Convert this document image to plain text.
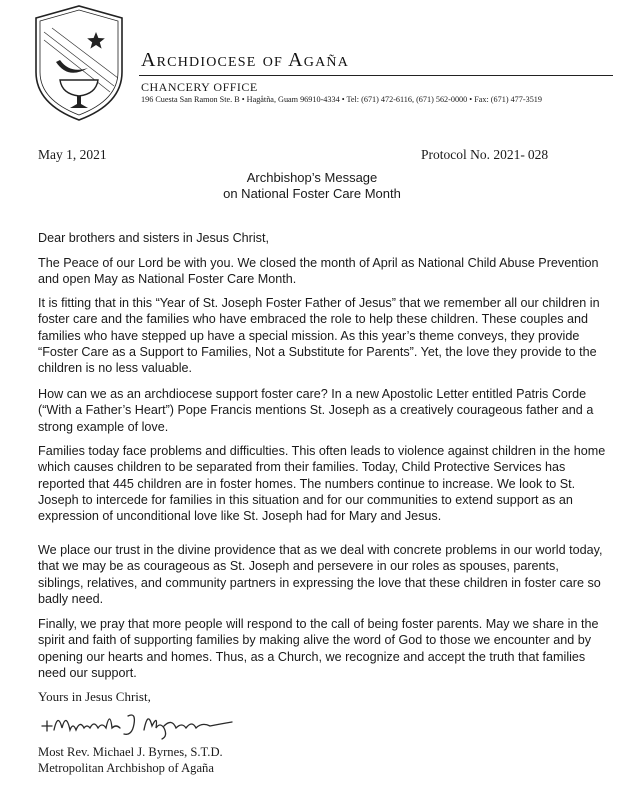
Archdiocese of Agaña
CHANCERY OFFICE
196 Cuesta San Ramon Ste. B • Hagåtña, Guam 96910-4334 • Tel: (671) 472-6116, (671) 562-0000 • Fax: (671) 477-3519
May 1, 2021	Protocol No. 2021- 028
Archbishop’s Message
on National Foster Care Month

Dear brothers and sisters in Jesus Christ,

The Peace of our Lord be with you. We closed the month of April as National Child Abuse Prevention and open May as National Foster Care Month.

It is fitting that in this “Year of St. Joseph Foster Father of Jesus” that we remember all our children in foster care and the families who have embraced the role to help these children. These couples and families who have stepped up have a special mission. As this year’s theme conveys, they provide “Foster Care as a Support to Families, Not a Substitute for Parents”. Yet, the love they provide to the children is no less valuable.

How can we as an archdiocese support foster care? In a new Apostolic Letter entitled Patris Corde (“With a Father’s Heart”) Pope Francis mentions St. Joseph as a creatively courageous father and a strong example of love.

Families today face problems and difficulties. This often leads to violence against children in the home which causes children to be separated from their families. Today, Child Protective Services has reported that 445 children are in foster homes. The numbers continue to increase. We look to St. Joseph to intercede for families in this situation and for our communities to extend support as an expression of unconditional love like St. Joseph had for Mary and Jesus.

We place our trust in the divine providence that as we deal with concrete problems in our world today, that we may be as courageous as St. Joseph and persevere in our roles as spouses, parents, siblings, relatives, and community partners in expressing the love that these children in foster care so badly need.

Finally, we pray that more people will respond to the call of being foster parents. May we share in the spirit and faith of supporting families by making alive the word of God to those we encounter and by opening our hearts and homes. Thus, as a Church, we recognize and accept the truth that families need our support.

Yours in Jesus Christ,
Most Rev. Michael J. Byrnes, S.T.D.
Metropolitan Archbishop of Agaña
